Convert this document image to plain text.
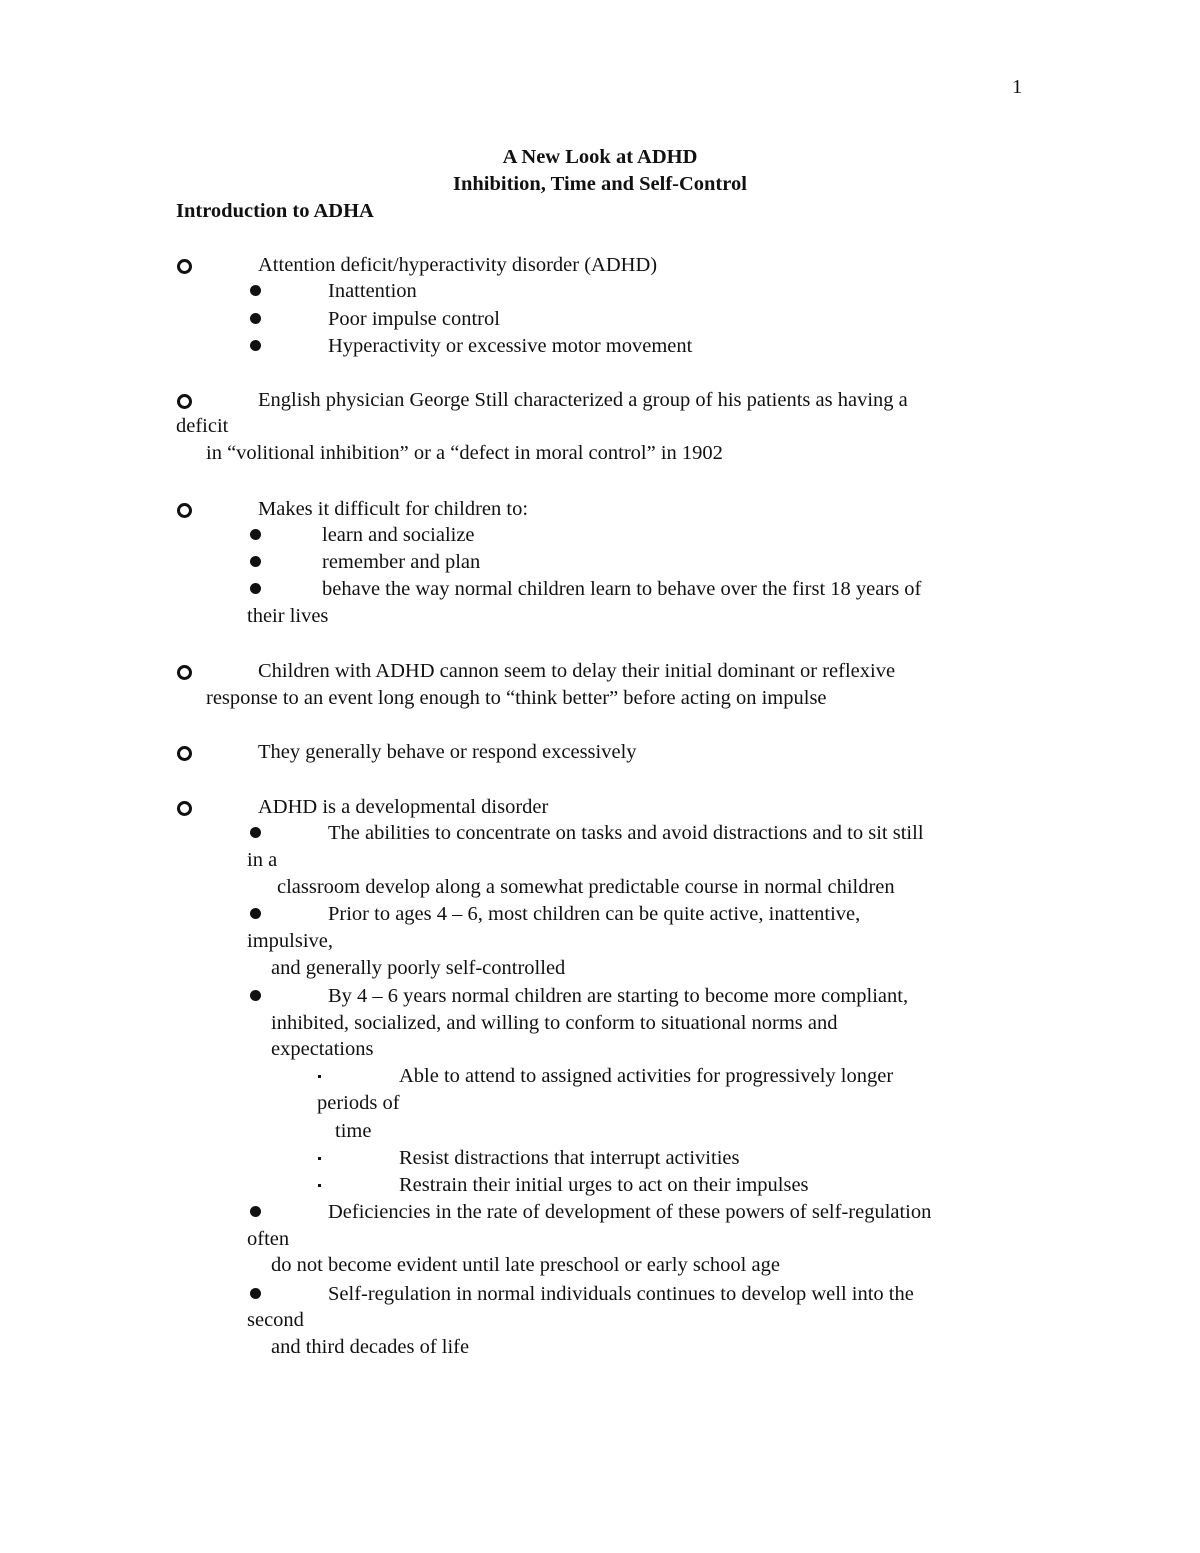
1
A New Look at ADHD
Inhibition, Time and Self-Control
Introduction to ADHA
Attention deficit/hyperactivity disorder (ADHD)
Inattention
Poor impulse control
Hyperactivity or excessive motor movement
English physician George Still characterized a group of his patients as having a
deficit
in “volitional inhibition” or a “defect in moral control” in 1902
Makes it difficult for children to:
learn and socialize
remember and plan
behave the way normal children learn to behave over the first 18 years of
their lives
Children with ADHD cannon seem to delay their initial dominant or reflexive
response to an event long enough to “think better” before acting on impulse
They generally behave or respond excessively
ADHD is a developmental disorder
The abilities to concentrate on tasks and avoid distractions and to sit still
in a
classroom develop along a somewhat predictable course in normal children
Prior to ages 4 – 6, most children can be quite active, inattentive,
impulsive,
and generally poorly self-controlled
By 4 – 6 years normal children are starting to become more compliant,
inhibited, socialized, and willing to conform to situational norms and
expectations
Able to attend to assigned activities for progressively longer
periods of
time
Resist distractions that interrupt activities
Restrain their initial urges to act on their impulses
Deficiencies in the rate of development of these powers of self-regulation
often
do not become evident until late preschool or early school age
Self-regulation in normal individuals continues to develop well into the
second
and third decades of life
